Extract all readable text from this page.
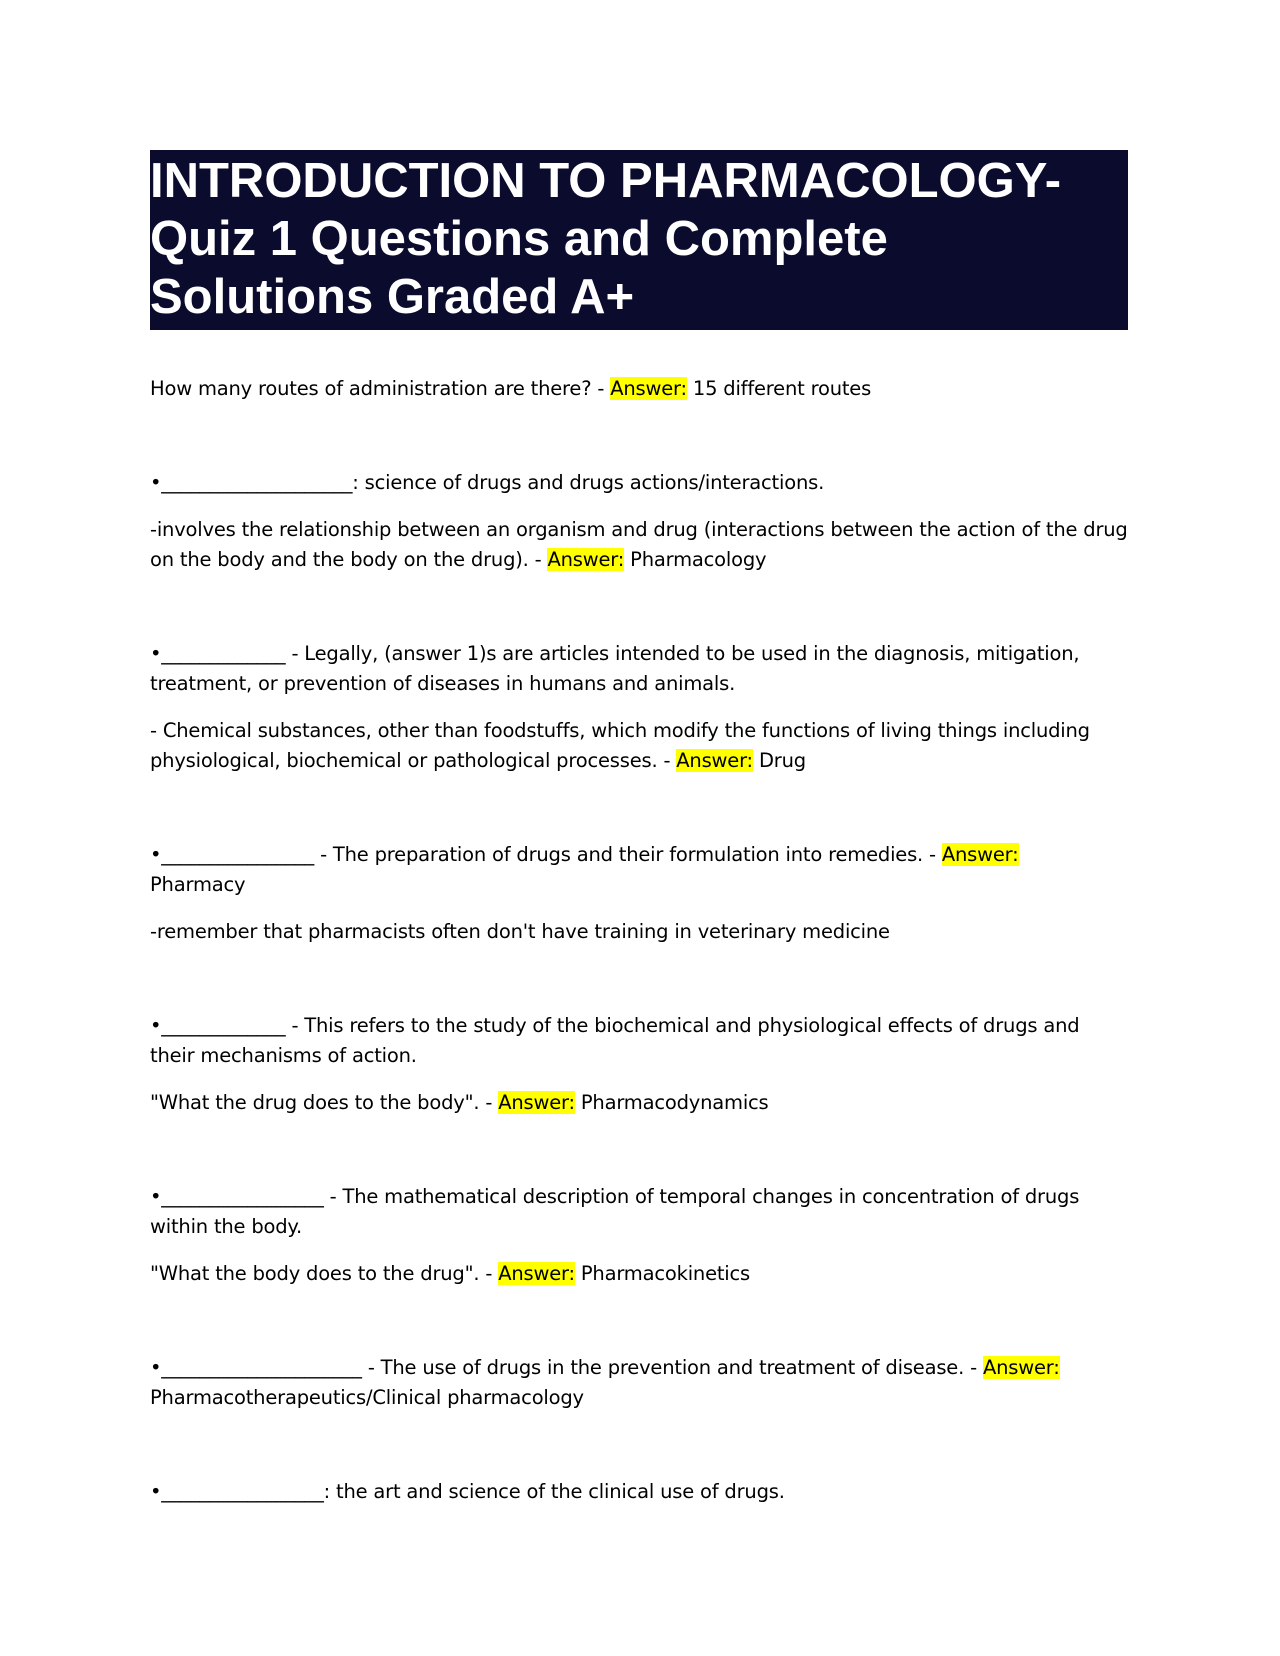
INTRODUCTION TO PHARMACOLOGY-
Quiz 1 Questions and Complete
Solutions Graded A+

How many routes of administration are there? - Answer: 15 different routes

•____________________: science of drugs and drugs actions/interactions.

-involves the relationship between an organism and drug (interactions between the action of the drug on the body and the body on the drug). - Answer: Pharmacology

•_____________ - Legally, (answer 1)s are articles intended to be used in the diagnosis, mitigation, treatment, or prevention of diseases in humans and animals.

- Chemical substances, other than foodstuffs, which modify the functions of living things including physiological, biochemical or pathological processes. - Answer: Drug

•________________ - The preparation of drugs and their formulation into remedies. - Answer:
Pharmacy

-remember that pharmacists often don't have training in veterinary medicine

•_____________ - This refers to the study of the biochemical and physiological effects of drugs and their mechanisms of action.

"What the drug does to the body". - Answer: Pharmacodynamics

•_________________ - The mathematical description of temporal changes in concentration of drugs within the body.

"What the body does to the drug". - Answer: Pharmacokinetics

•_____________________ - The use of drugs in the prevention and treatment of disease. - Answer:
Pharmacotherapeutics/Clinical pharmacology

•_________________: the art and science of the clinical use of drugs.
